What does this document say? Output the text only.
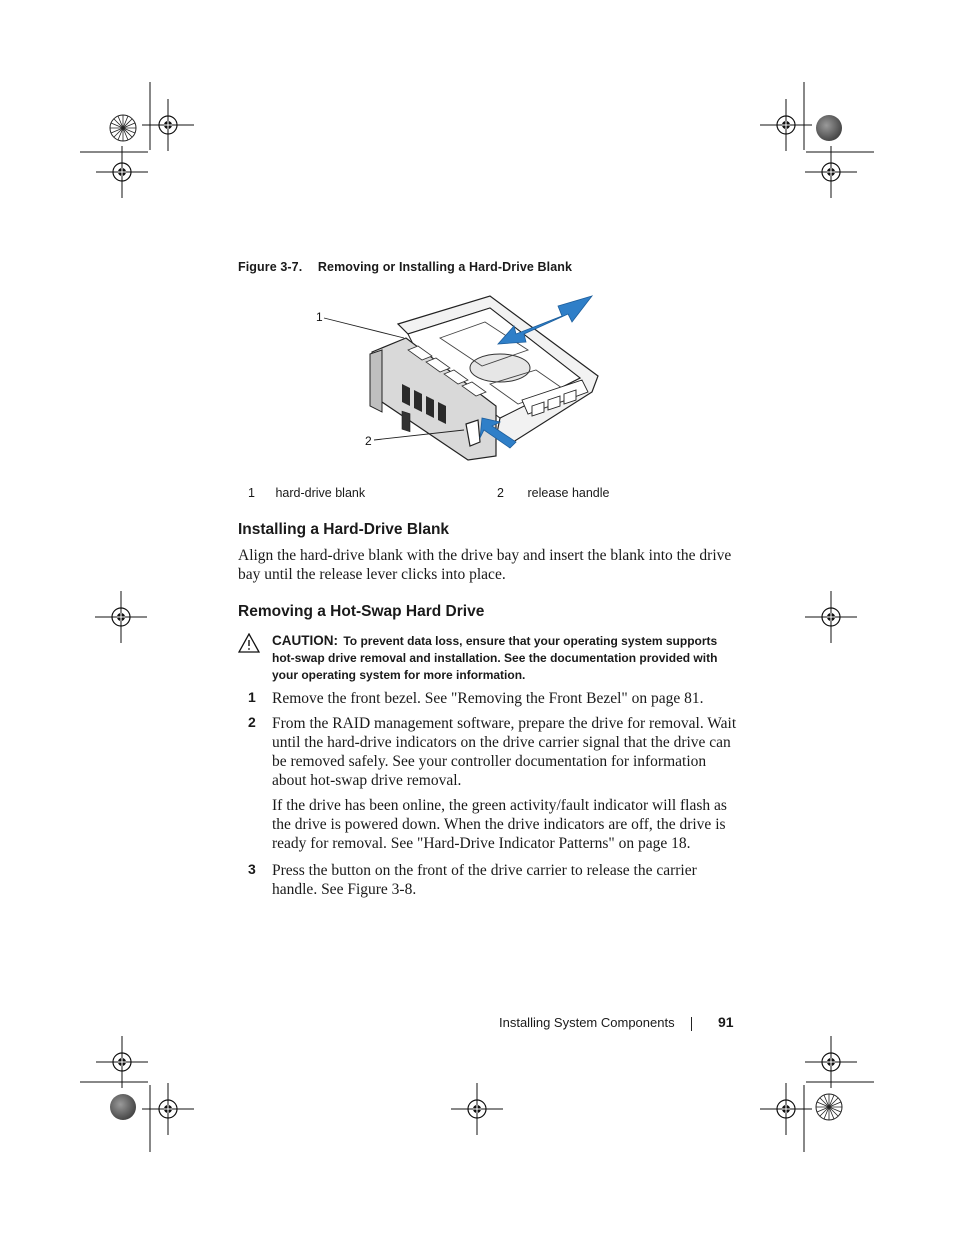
Figure 3-7. Removing or Installing a Hard-Drive Blank
1
2
1 hard-drive blank	2 release handle
Installing a Hard-Drive Blank
Align the hard-drive blank with the drive bay and insert the blank into the drive bay until the release lever clicks into place.
Removing a Hot-Swap Hard Drive
CAUTION: To prevent data loss, ensure that your operating system supports hot-swap drive removal and installation. See the documentation provided with your operating system for more information.
1 Remove the front bezel. See "Removing the Front Bezel" on page 81.
2 From the RAID management software, prepare the drive for removal. Wait until the hard-drive indicators on the drive carrier signal that the drive can be removed safely. See your controller documentation for information about hot-swap drive removal.
If the drive has been online, the green activity/fault indicator will flash as the drive is powered down. When the drive indicators are off, the drive is ready for removal. See "Hard-Drive Indicator Patterns" on page 18.
3 Press the button on the front of the drive carrier to release the carrier handle. See Figure 3-8.
Installing System Components	91
